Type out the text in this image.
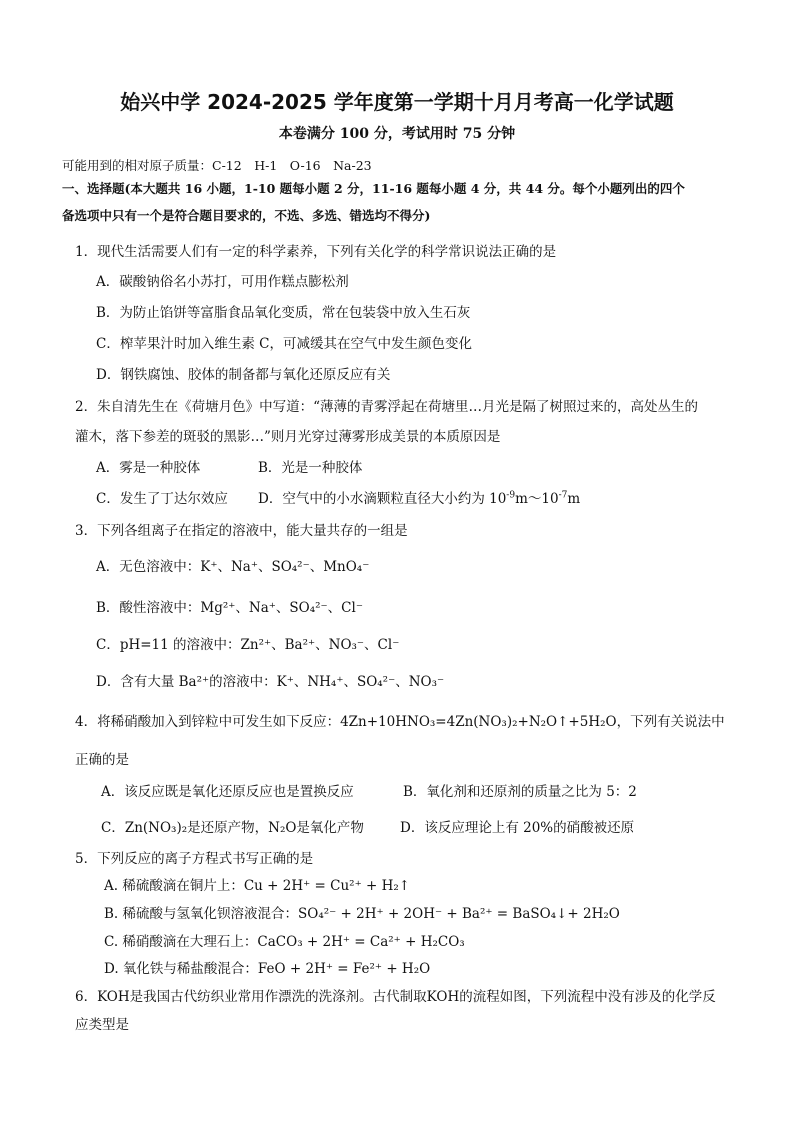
始兴中学 2024-2025 学年度第一学期十月月考高一化学试题
本卷满分 100 分，考试用时 75 分钟
可能用到的相对原子质量：C-12　H-1　O-16　Na-23
一、选择题(本大题共 16 小题，1-10 题每小题 2 分，11-16 题每小题 4 分，共 44 分。每个小题列出的四个
备选项中只有一个是符合题目要求的，不选、多选、错选均不得分)
1．现代生活需要人们有一定的科学素养，下列有关化学的科学常识说法正确的是
A．碳酸钠俗名小苏打，可用作糕点膨松剂
B．为防止馅饼等富脂食品氧化变质，常在包装袋中放入生石灰
C．榨苹果汁时加入维生素 C，可减缓其在空气中发生颜色变化
D．钢铁腐蚀、胶体的制备都与氧化还原反应有关
2．朱自清先生在《荷塘月色》中写道：“薄薄的青雾浮起在荷塘里…月光是隔了树照过来的，高处丛生的
灌木，落下参差的斑驳的黑影…”则月光穿过薄雾形成美景的本质原因是
A．雾是一种胶体	B．光是一种胶体
C．发生了丁达尔效应 D．空气中的小水滴颗粒直径大小约为 $10^{-9}m\sim 10^{-7}m$
3．下列各组离子在指定的溶液中，能大量共存的一组是
A．无色溶液中：K⁺、Na⁺、SO₄²⁻、MnO₄⁻
B．酸性溶液中：Mg²⁺、Na⁺、SO₄²⁻、Cl⁻
C．pH=11 的溶液中：Zn²⁺、Ba²⁺、NO₃⁻、Cl⁻
D．含有大量 Ba²⁺的溶液中：K⁺、NH₄⁺、SO₄²⁻、NO₃⁻
4．将稀硝酸加入到锌粒中可发生如下反应：4Zn+10HNO₃=4Zn(NO₃)₂+N₂O↑+5H₂O，下列有关说法中
正确的是
A．该反应既是氧化还原反应也是置换反应	B．氧化剂和还原剂的质量之比为 5：2
C．Zn(NO₃)₂是还原产物，N₂O是氧化产物	D．该反应理论上有 20%的硝酸被还原
5．下列反应的离子方程式书写正确的是
A. 稀硫酸滴在铜片上：Cu + 2H⁺ = Cu²⁺ + H₂↑
B. 稀硫酸与氢氧化钡溶液混合：SO₄²⁻ + 2H⁺ + 2OH⁻ + Ba²⁺ = BaSO₄↓+ 2H₂O
C. 稀硝酸滴在大理石上：CaCO₃ + 2H⁺ = Ca²⁺ + H₂CO₃
D. 氧化铁与稀盐酸混合：FeO + 2H⁺ = Fe²⁺ + H₂O
6．KOH是我国古代纺织业常用作漂洗的洗涤剂。古代制取KOH的流程如图，下列流程中没有涉及的化学反
应类型是
